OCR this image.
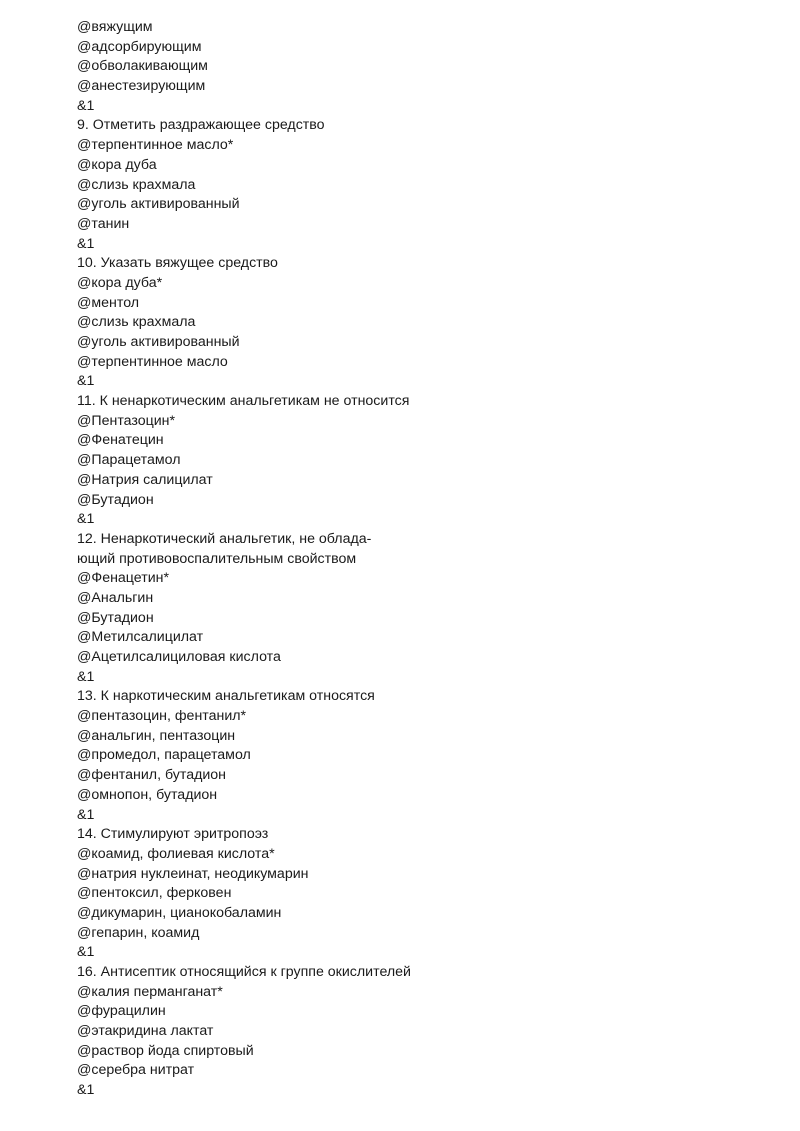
@вяжущим
@адсорбирующим
@обволакивающим
@анестезирующим
&1
9. Отметить раздражающее средство
@терпентинное масло*
@кора дуба
@слизь крахмала
@уголь активированный
@танин
&1
10. Указать вяжущее средство
@кора дуба*
@ментол
@слизь крахмала
@уголь активированный
@терпентинное масло
&1
11. К ненаркотическим анальгетикам не относится
@Пентазоцин*
@Фенатецин
@Парацетамол
@Натрия салицилат
@Бутадион
&1
12. Ненаркотический анальгетик, не облада-
ющий противовоспалительным свойством
@Фенацетин*
@Анальгин
@Бутадион
@Метилсалицилат
@Ацетилсалициловая кислота
&1
13. К наркотическим анальгетикам относятся
@пентазоцин, фентанил*
@анальгин, пентазоцин
@промедол, парацетамол
@фентанил, бутадион
@омнопон, бутадион
&1
14. Стимулируют эритропоэз
@коамид, фолиевая кислота*
@натрия нуклеинат, неодикумарин
@пентоксил, ферковен
@дикумарин, цианокобаламин
@гепарин, коамид
&1
16. Антисептик относящийся к группе окислителей
@калия перманганат*
@фурацилин
@этакридина лактат
@раствор йода спиртовый
@серебра нитрат
&1
